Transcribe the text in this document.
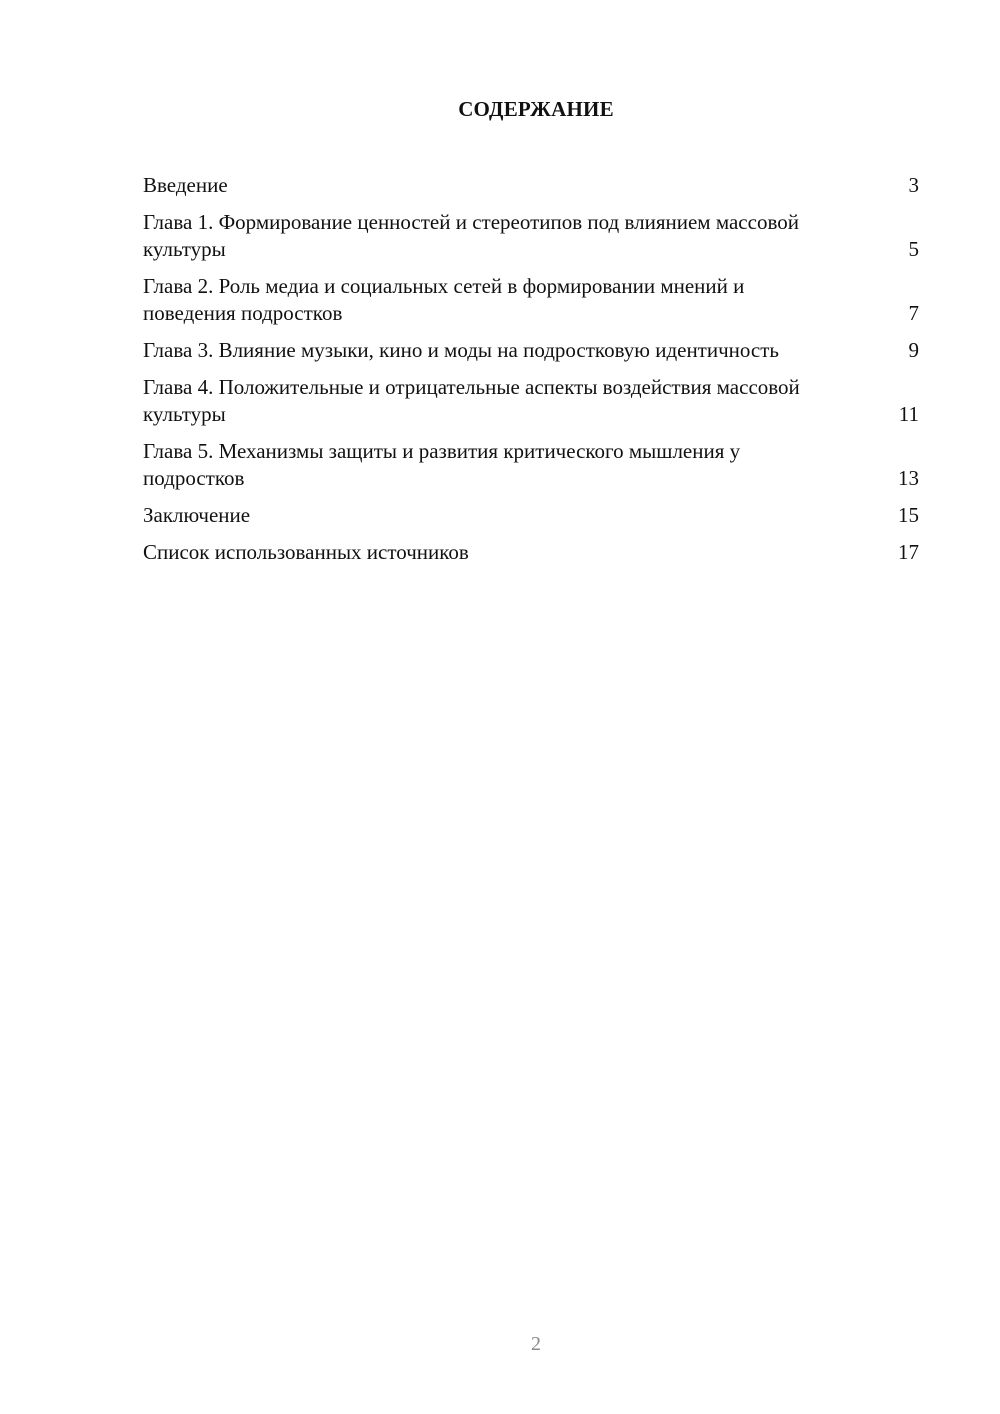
СОДЕРЖАНИЕ
Введение	3
Глава 1. Формирование ценностей и стереотипов под влиянием массовой культуры	5
Глава 2. Роль медиа и социальных сетей в формировании мнений и поведения подростков	7
Глава 3. Влияние музыки, кино и моды на подростковую идентичность	9
Глава 4. Положительные и отрицательные аспекты воздействия массовой культуры	11
Глава 5. Механизмы защиты и развития критического мышления у подростков	13
Заключение	15
Список использованных источников	17
2
